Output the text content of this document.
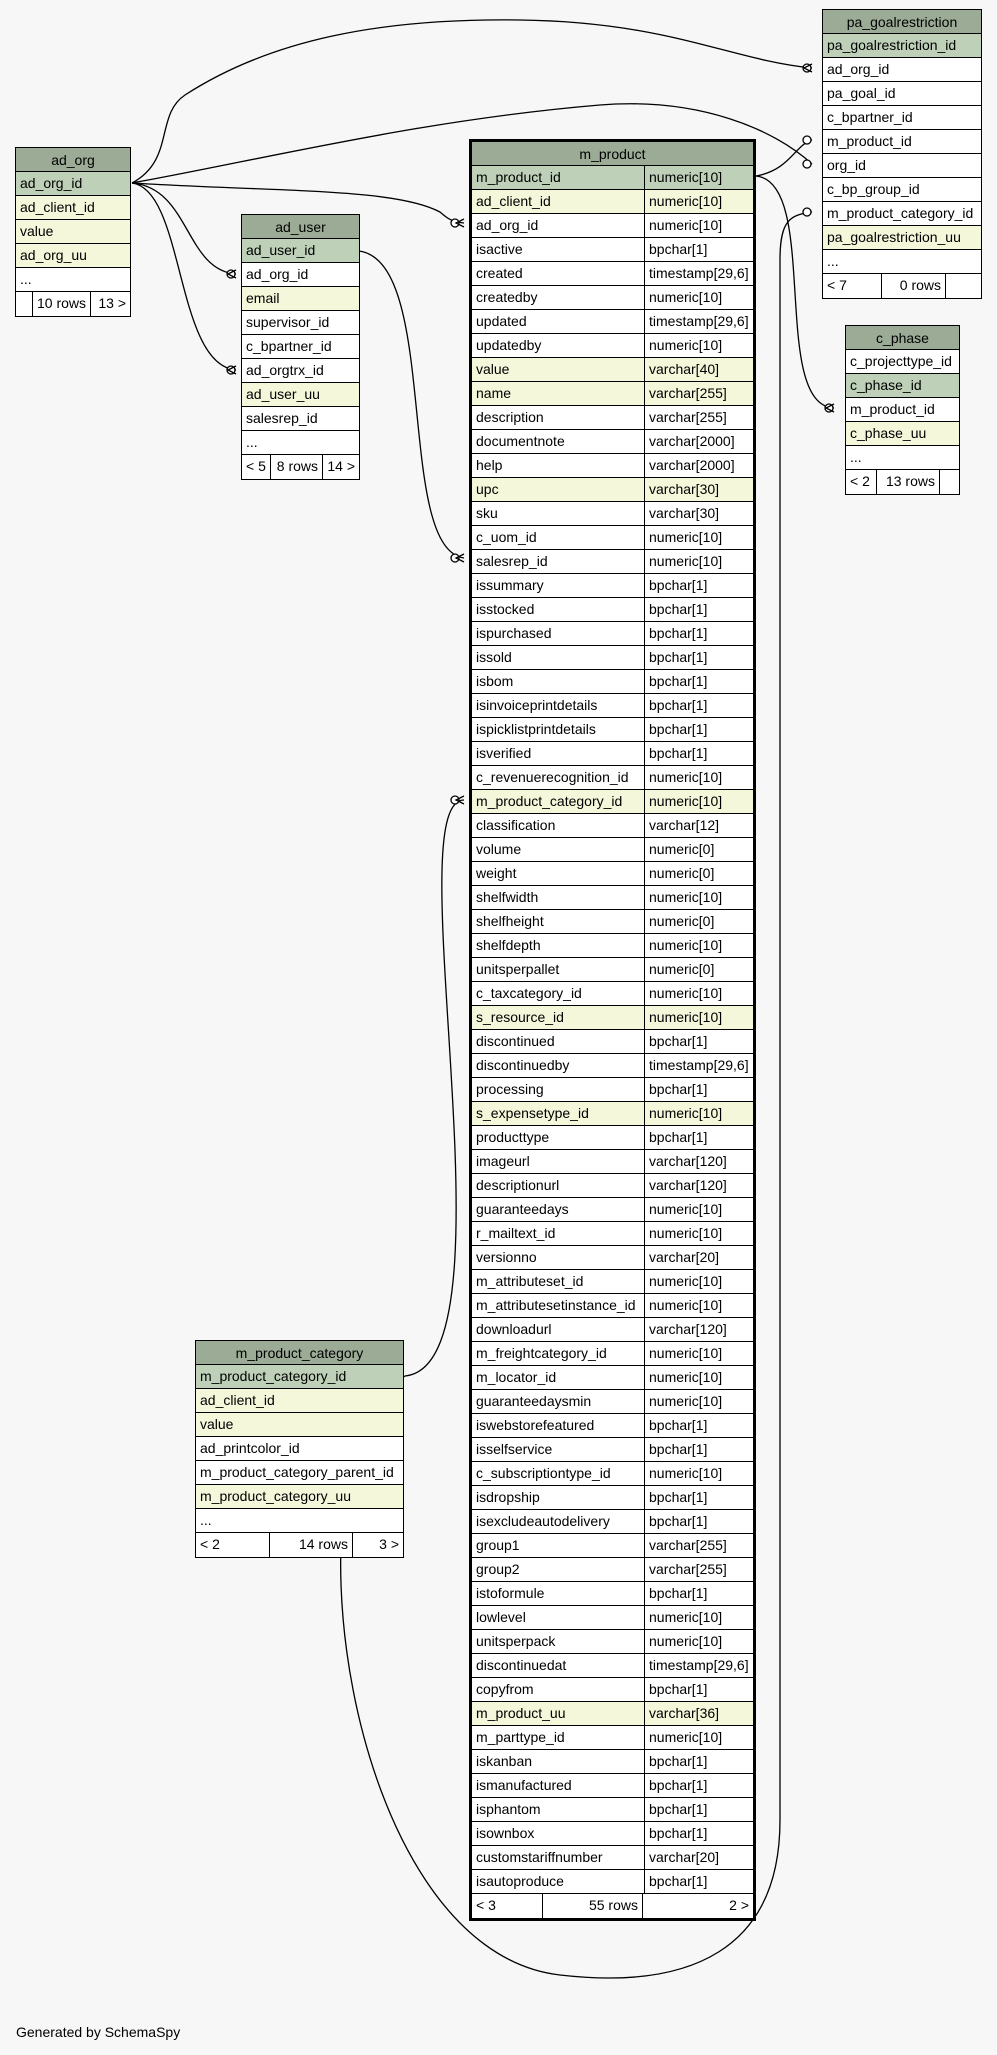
ad_org
ad_org_id
ad_client_id
value
ad_org_uu
...
10 rows 13 >
ad_user
ad_user_id
ad_org_id
email
supervisor_id
c_bpartner_id
ad_orgtrx_id
ad_user_uu
salesrep_id
...
< 5 8 rows 14 >
m_product
m_product_id	numeric[10]
ad_client_id	numeric[10]
ad_org_id	numeric[10]
isactive	bpchar[1]
created	timestamp[29,6]
createdby	numeric[10]
updated	timestamp[29,6]
updatedby	numeric[10]
value	varchar[40]
name	varchar[255]
description	varchar[255]
documentnote	varchar[2000]
help	varchar[2000]
upc	varchar[30]
sku	varchar[30]
c_uom_id	numeric[10]
salesrep_id	numeric[10]
issummary	bpchar[1]
isstocked	bpchar[1]
ispurchased	bpchar[1]
issold	bpchar[1]
isbom	bpchar[1]
isinvoiceprintdetails	bpchar[1]
ispicklistprintdetails	bpchar[1]
isverified	bpchar[1]
c_revenuerecognition_id	numeric[10]
m_product_category_id	numeric[10]
classification	varchar[12]
volume	numeric[0]
weight	numeric[0]
shelfwidth	numeric[10]
shelfheight	numeric[0]
shelfdepth	numeric[10]
unitsperpallet	numeric[0]
c_taxcategory_id	numeric[10]
s_resource_id	numeric[10]
discontinued	bpchar[1]
discontinuedby	timestamp[29,6]
processing	bpchar[1]
s_expensetype_id	numeric[10]
producttype	bpchar[1]
imageurl	varchar[120]
descriptionurl	varchar[120]
guaranteedays	numeric[10]
r_mailtext_id	numeric[10]
versionno	varchar[20]
m_attributeset_id	numeric[10]
m_attributesetinstance_id numeric[10]
downloadurl	varchar[120]
m_freightcategory_id	numeric[10]
m_locator_id	numeric[10]
guaranteedaysmin	numeric[10]
iswebstorefeatured	bpchar[1]
isselfservice	bpchar[1]
c_subscriptiontype_id	numeric[10]
isdropship	bpchar[1]
isexcludeautodelivery	bpchar[1]
group1	varchar[255]
group2	varchar[255]
istoformule	bpchar[1]
lowlevel	numeric[10]
unitsperpack	numeric[10]
discontinuedat	timestamp[29,6]
copyfrom	bpchar[1]
m_product_uu	varchar[36]
m_parttype_id	numeric[10]
iskanban	bpchar[1]
ismanufactured	bpchar[1]
isphantom	bpchar[1]
isownbox	bpchar[1]
customstariffnumber	varchar[20]
isautoproduce	bpchar[1]
< 3	55 rows	2 >
pa_goalrestriction
pa_goalrestriction_id
ad_org_id
pa_goal_id
c_bpartner_id
m_product_id
org_id
c_bp_group_id
m_product_category_id
pa_goalrestriction_uu
...
< 7	0 rows
c_phase
c_projecttype_id
c_phase_id
m_product_id
c_phase_uu
...
< 2	13 rows
m_product_category
m_product_category_id
ad_client_id
value
ad_printcolor_id
m_product_category_parent_id
m_product_category_uu
...
< 2	14 rows	3 >
Generated by SchemaSpy
